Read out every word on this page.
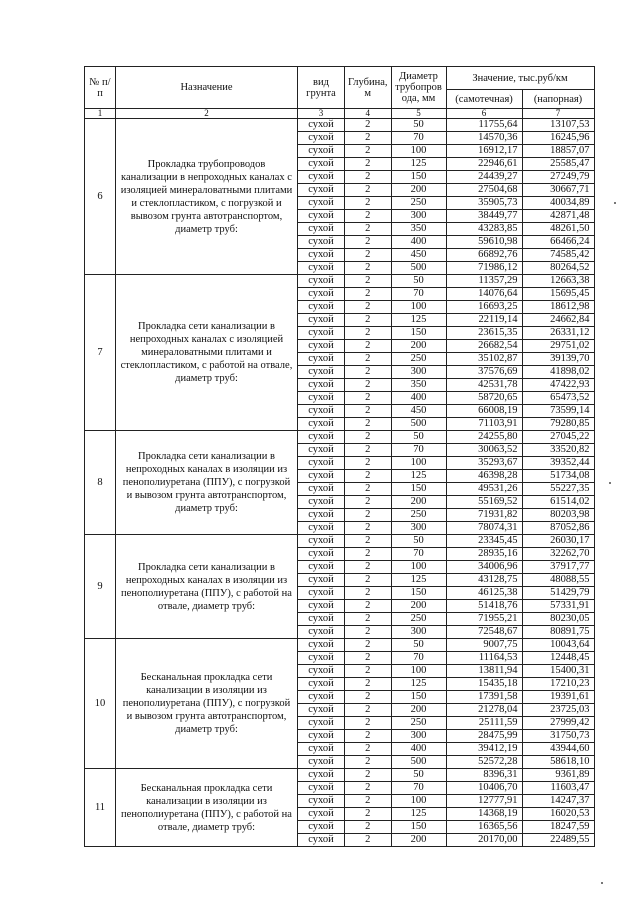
№ п/п	Назначение	вид грунта	Глубина, м	Диаметр трубопров ода, мм	Значение, тыс.руб/км	
					(самотечная)	(напорная)
1	2	3	4	5	6	7
6	Прокладка трубопроводов канализации в непроходных каналах с изоляцией минераловатными плитами и стеклопластиком, с погрузкой и вывозом грунта автотранспортом, диаметр труб:	сухой	2	50	11755,64	13107,53
		сухой	2	70	14570,36	16245,96
		сухой	2	100	16912,17	18857,07
		сухой	2	125	22946,61	25585,47
		сухой	2	150	24439,27	27249,79
		сухой	2	200	27504,68	30667,71
		сухой	2	250	35905,73	40034,89
		сухой	2	300	38449,77	42871,48
		сухой	2	350	43283,85	48261,50
		сухой	2	400	59610,98	66466,24
		сухой	2	450	66892,76	74585,42
		сухой	2	500	71986,12	80264,52
7	Прокладка сети канализации в непроходных каналах с изоляцией минераловатными плитами и стеклопластиком, с работой на отвале, диаметр труб:	сухой	2	50	11357,29	12663,38
		сухой	2	70	14076,64	15695,45
		сухой	2	100	16693,25	18612,98
		сухой	2	125	22119,14	24662,84
		сухой	2	150	23615,35	26331,12
		сухой	2	200	26682,54	29751,02
		сухой	2	250	35102,87	39139,70
		сухой	2	300	37576,69	41898,02
		сухой	2	350	42531,78	47422,93
		сухой	2	400	58720,65	65473,52
		сухой	2	450	66008,19	73599,14
		сухой	2	500	71103,91	79280,85
8	Прокладка сети канализации в непроходных каналах в изоляции из пенополиуретана (ППУ), с погрузкой и вывозом грунта автотранспортом, диаметр труб:	сухой	2	50	24255,80	27045,22
		сухой	2	70	30063,52	33520,82
		сухой	2	100	35293,67	39352,44
		сухой	2	125	46398,28	51734,08
		сухой	2	150	49531,26	55227,35
		сухой	2	200	55169,52	61514,02
		сухой	2	250	71931,82	80203,98
		сухой	2	300	78074,31	87052,86
9	Прокладка сети канализации в непроходных каналах в изоляции из пенополиуретана (ППУ), с работой на отвале, диаметр труб:	сухой	2	50	23345,45	26030,17
		сухой	2	70	28935,16	32262,70
		сухой	2	100	34006,96	37917,77
		сухой	2	125	43128,75	48088,55
		сухой	2	150	46125,38	51429,79
		сухой	2	200	51418,76	57331,91
		сухой	2	250	71955,21	80230,05
		сухой	2	300	72548,67	80891,75
10	Бесканальная прокладка сети канализации в изоляции из пенополиуретана (ППУ), с погрузкой и вывозом грунта автотранспортом, диаметр труб:	сухой	2	50	9007,75	10043,64
		сухой	2	70	11164,53	12448,45
		сухой	2	100	13811,94	15400,31
		сухой	2	125	15435,18	17210,23
		сухой	2	150	17391,58	19391,61
		сухой	2	200	21278,04	23725,03
		сухой	2	250	25111,59	27999,42
		сухой	2	300	28475,99	31750,73
		сухой	2	400	39412,19	43944,60
		сухой	2	500	52572,28	58618,10
11	Бесканальная прокладка сети канализации в изоляции из пенополиуретана (ППУ), с работой на отвале, диаметр труб:	сухой	2	50	8396,31	9361,89
		сухой	2	70	10406,70	11603,47
		сухой	2	100	12777,91	14247,37
		сухой	2	125	14368,19	16020,53
		сухой	2	150	16365,56	18247,59
		сухой	2	200	20170,00	22489,55
